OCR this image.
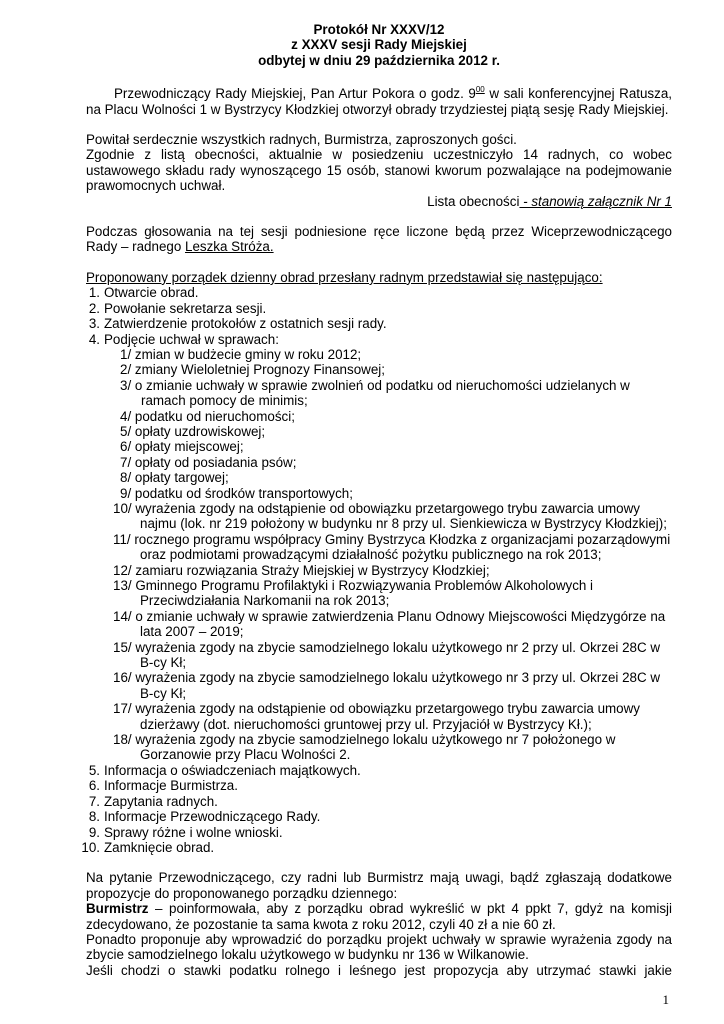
Protokół Nr XXXV/12
z XXXV sesji Rady Miejskiej
odbytej w dniu 29 października 2012 r.

Przewodniczący Rady Miejskiej, Pan Artur Pokora o godz. $9^{00}$ w sali konferencyjnej Ratusza, na Placu Wolności 1 w Bystrzycy Kłodzkiej otworzył obrady trzydziestej piątą sesję Rady Miejskiej.

Powitał serdecznie wszystkich radnych, Burmistrza, zaproszonych gości.

Zgodnie z listą obecności, aktualnie w posiedzeniu uczestniczyło 14 radnych, co wobec ustawowego składu rady wynoszącego 15 osób, stanowi kworum pozwalające na podejmowanie prawomocnych uchwał.

Lista obecności - stanowią załącznik Nr 1

Podczas głosowania na tej sesji podniesione ręce liczone będą przez Wiceprzewodniczącego Rady – radnego Leszka Stróża.

Proponowany porządek dzienny obrad przesłany radnym przedstawiał się następująco:

1. Otwarcie obrad.
2. Powołanie sekretarza sesji.
3. Zatwierdzenie protokołów z ostatnich sesji rady.
4. Podjęcie uchwał w sprawach:
1/ zmian w budżecie gminy w roku 2012;
2/ zmiany Wieloletniej Prognozy Finansowej;
3/ o zmianie uchwały w sprawie zwolnień od podatku od nieruchomości udzielanych w ramach pomocy de minimis;
4/ podatku od nieruchomości;
5/ opłaty uzdrowiskowej;
6/ opłaty miejscowej;
7/ opłaty od posiadania psów;
8/ opłaty targowej;
9/ podatku od środków transportowych;
10/ wyrażenia zgody na odstąpienie od obowiązku przetargowego trybu zawarcia umowy najmu (lok. nr 219 położony w budynku nr 8 przy ul. Sienkiewicza w Bystrzycy Kłodzkiej);
11/ rocznego programu współpracy Gminy Bystrzyca Kłodzka z organizacjami pozarządowymi oraz podmiotami prowadzącymi działalność pożytku publicznego na rok 2013;
12/ zamiaru rozwiązania Straży Miejskiej w Bystrzycy Kłodzkiej;
13/ Gminnego Programu Profilaktyki i Rozwiązywania Problemów Alkoholowych i Przeciwdziałania Narkomanii na rok 2013;
14/ o zmianie uchwały w sprawie zatwierdzenia Planu Odnowy Miejscowości Międzygórze na lata 2007 – 2019;
15/ wyrażenia zgody na zbycie samodzielnego lokalu użytkowego nr 2 przy ul. Okrzei 28C w B-cy Kł;
16/ wyrażenia zgody na zbycie samodzielnego lokalu użytkowego nr 3 przy ul. Okrzei 28C w B-cy Kł;
17/ wyrażenia zgody na odstąpienie od obowiązku przetargowego trybu zawarcia umowy dzierżawy (dot. nieruchomości gruntowej przy ul. Przyjaciół w Bystrzycy Kł.);
18/ wyrażenia zgody na zbycie samodzielnego lokalu użytkowego nr 7 położonego w Gorzanowie przy Placu Wolności 2.
5. Informacja o oświadczeniach majątkowych.
6. Informacje Burmistrza.
7. Zapytania radnych.
8. Informacje Przewodniczącego Rady.
9. Sprawy różne i wolne wnioski.
10. Zamknięcie obrad.

Na pytanie Przewodniczącego, czy radni lub Burmistrz mają uwagi, bądź zgłaszają dodatkowe propozycje do proponowanego porządku dziennego:

Burmistrz – poinformowała, aby z porządku obrad wykreślić w pkt 4 ppkt 7, gdyż na komisji zdecydowano, że pozostanie ta sama kwota z roku 2012, czyli 40 zł a nie 60 zł.

Ponadto proponuje aby wprowadzić do porządku projekt uchwały w sprawie wyrażenia zgody na zbycie samodzielnego lokalu użytkowego w budynku nr 136 w Wilkanowie.

Jeśli chodzi o stawki podatku rolnego i leśnego jest propozycja aby utrzymać stawki jakie

1
